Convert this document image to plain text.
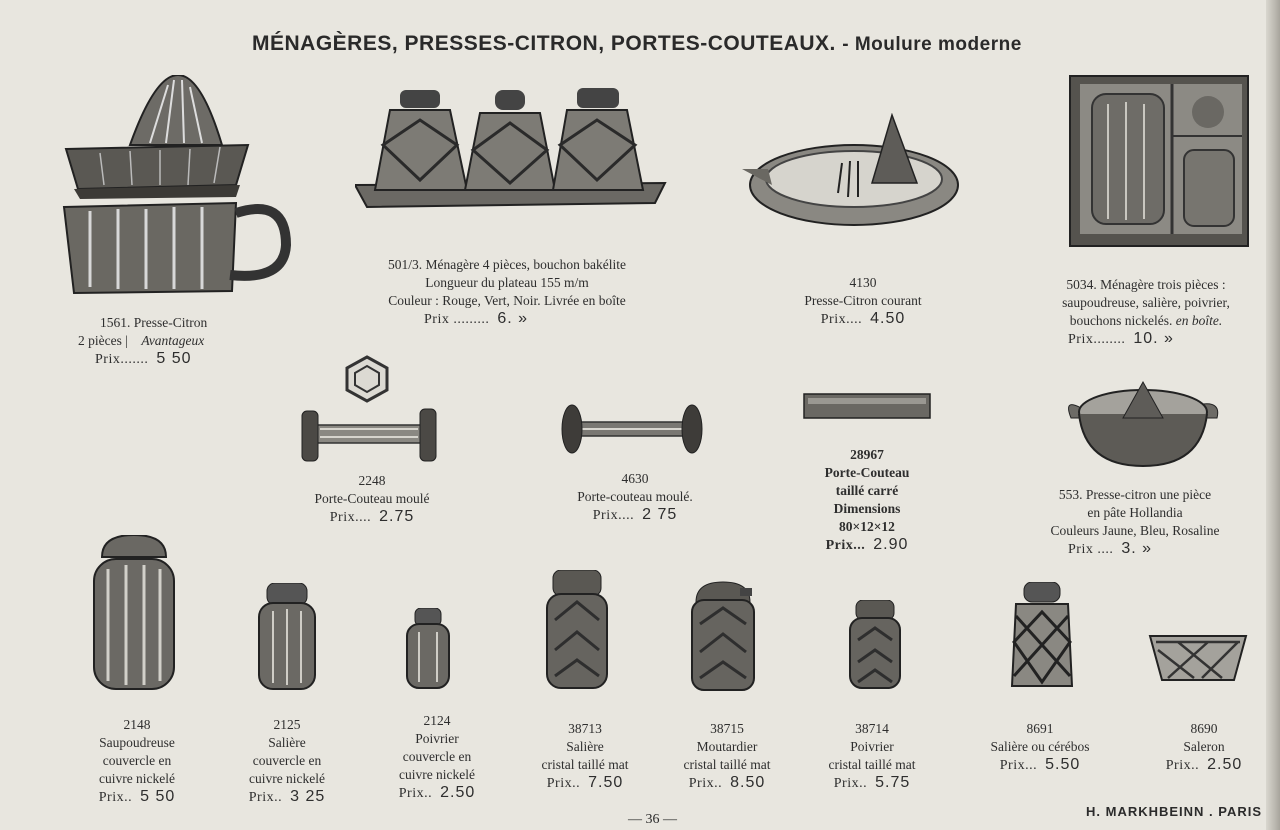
MÉNAGÈRES, PRESSES-CITRON, PORTES-COUTEAUX. - Moulure moderne
1561. Presse-Citron
2 pièces | Avantageux
Prix....... 5 50
501/3. Ménagère 4 pièces, bouchon bakélite
Longueur du plateau 155 m/m
Couleur : Rouge, Vert, Noir. Livrée en boîte
Prix ......... 6. »
4130
Presse-Citron courant
Prix.... 4.50
5034. Ménagère trois pièces :
saupoudreuse, salière, poivrier,
bouchons nickelés. en boîte.
Prix........ 10. »
2248
Porte-Couteau moulé
Prix.... 2.75
4630
Porte-couteau moulé.
Prix.... 2 75
28967
Porte-Couteau
taillé carré
Dimensions
80×12×12
Prix... 2.90
553. Presse-citron une pièce
en pâte Hollandia
Couleurs Jaune, Bleu, Rosaline
Prix .... 3. »
2148
Saupoudreuse
couvercle en
cuivre nickelé
Prix.. 5 50
2125
Salière
couvercle en
cuivre nickelé
Prix.. 3 25
2124
Poivrier
couvercle en
cuivre nickelé
Prix.. 2.50
38713
Salière
cristal taillé mat
Prix.. 7.50
38715
Moutardier
cristal taillé mat
Prix.. 8.50
38714
Poivrier
cristal taillé mat
Prix.. 5.75
8691
Salière ou cérébos
Prix... 5.50
8690
Saleron
Prix.. 2.50
— 36 —
H. MARKHBEINN . PARIS
